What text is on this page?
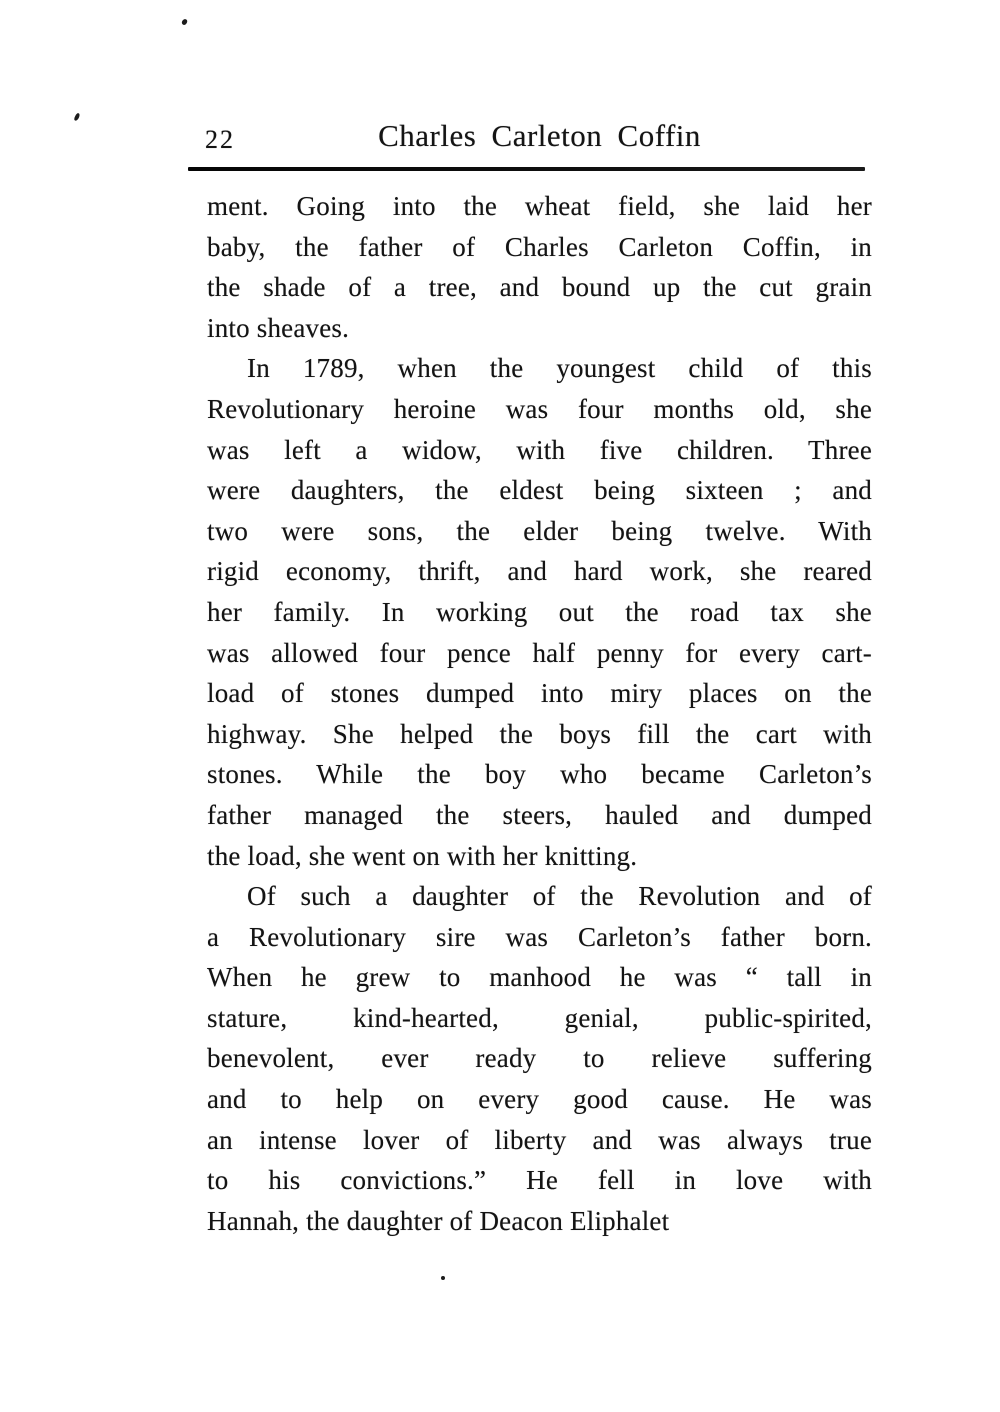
22	Charles Carleton Coffin
ment. Going into the wheat field, she laid her
baby, the father of Charles Carleton Coffin, in
the shade of a tree, and bound up the cut grain
into sheaves.
In 1789, when the youngest child of this
Revolutionary heroine was four months old, she
was left a widow, with five children. Three
were daughters, the eldest being sixteen ; and
two were sons, the elder being twelve. With
rigid economy, thrift, and hard work, she reared
her family. In working out the road tax she
was allowed four pence half penny for every cart-
load of stones dumped into miry places on the
highway. She helped the boys fill the cart with
stones. While the boy who became Carleton’s
father managed the steers, hauled and dumped
the load, she went on with her knitting.
Of such a daughter of the Revolution and of
a Revolutionary sire was Carleton’s father born.
When he grew to manhood he was “ tall in
stature, kind-hearted, genial, public-spirited,
benevolent, ever ready to relieve suffering
and to help on every good cause. He was
an intense lover of liberty and was always true
to his convictions.” He fell in love with
Hannah, the daughter of Deacon Eliphalet
